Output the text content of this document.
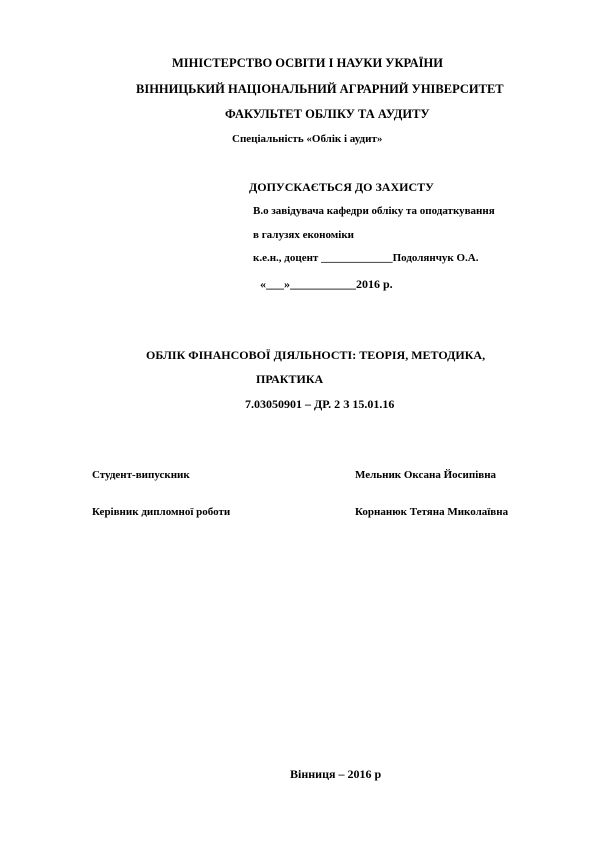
МІНІСТЕРСТВО ОСВІТИ І НАУКИ УКРАЇНИ
ВІННИЦЬКИЙ НАЦІОНАЛЬНИЙ АГРАРНИЙ УНІВЕРСИТЕТ
ФАКУЛЬТЕТ ОБЛІКУ ТА АУДИТУ
Спеціальність «Облік і аудит»
ДОПУСКАЄТЬСЯ ДО ЗАХИСТУ
В.о завідувача кафедри обліку та оподаткування
в галузях економіки
к.е.н., доцент _____________Подолянчук О.А.
«___»___________2016 р.
ОБЛІК ФІНАНСОВОЇ ДІЯЛЬНОСТІ: ТЕОРІЯ, МЕТОДИКА,
ПРАКТИКА
7.03050901 – ДР. 2 З 15.01.16
Студент-випускник	Мельник Оксана Йосипівна
Керівник дипломної роботи	Корнанюк Тетяна Миколаївна
Вінниця – 2016 р
